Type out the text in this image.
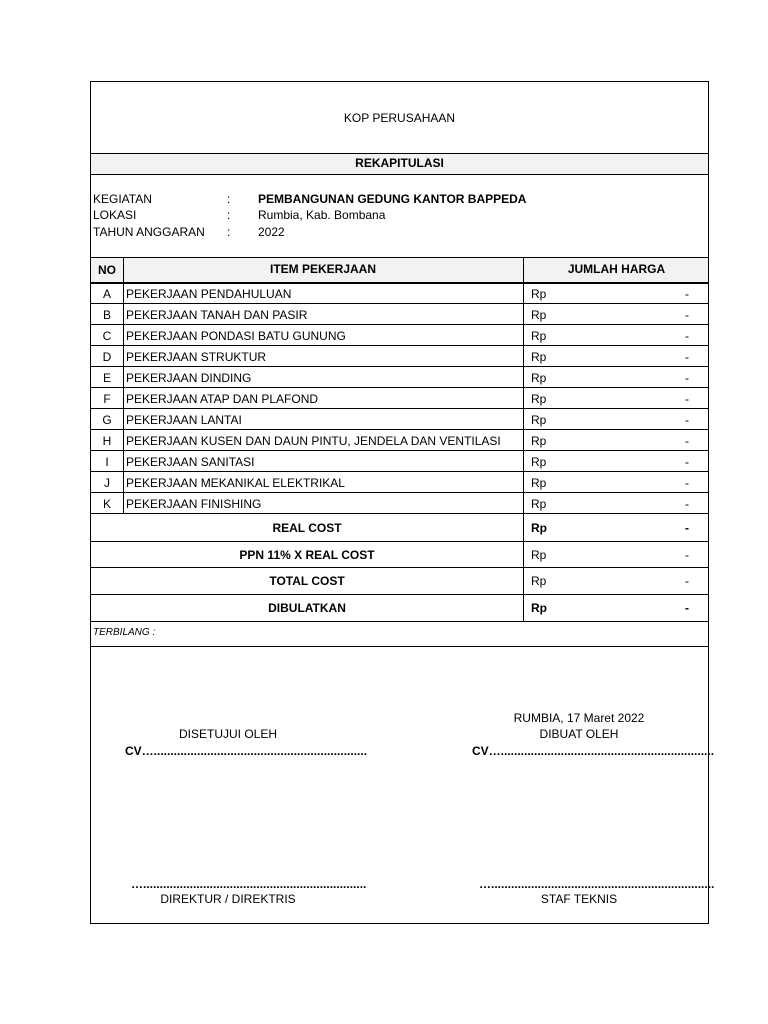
KOP PERUSAHAAN
REKAPITULASI
KEGIATAN	: PEMBANGUNAN GEDUNG KANTOR BAPPEDA
LOKASI	: Rumbia, Kab. Bombana
TAHUN ANGGARAN : 2022
NO	ITEM PEKERJAAN	JUMLAH HARGA
A	PEKERJAAN PENDAHULUAN	Rp	-
B	PEKERJAAN TANAH DAN PASIR	Rp	-
C	PEKERJAAN PONDASI BATU GUNUNG	Rp	-
D	PEKERJAAN STRUKTUR	Rp	-
E	PEKERJAAN DINDING	Rp	-
F	PEKERJAAN ATAP DAN PLAFOND	Rp	-
G	PEKERJAAN LANTAI	Rp	-
H	PEKERJAAN KUSEN DAN DAUN PINTU, JENDELA DAN VENTILASI	Rp	-
I	PEKERJAAN SANITASI	Rp	-
J	PEKERJAAN MEKANIKAL ELEKTRIKAL	Rp	-
K	PEKERJAAN FINISHING	Rp	-
REAL COST	Rp	-
PPN 11% X REAL COST	Rp	-
TOTAL COST	Rp	-
DIBULATKAN	Rp	-
TERBILANG :
RUMBIA, 17 Maret 2022
DISETUJUI OLEH	DIBUAT OLEH
CV…................................................................	CV…................................................................
…...................................................................	…...................................................................
DIREKTUR / DIREKTRIS	STAF TEKNIS
